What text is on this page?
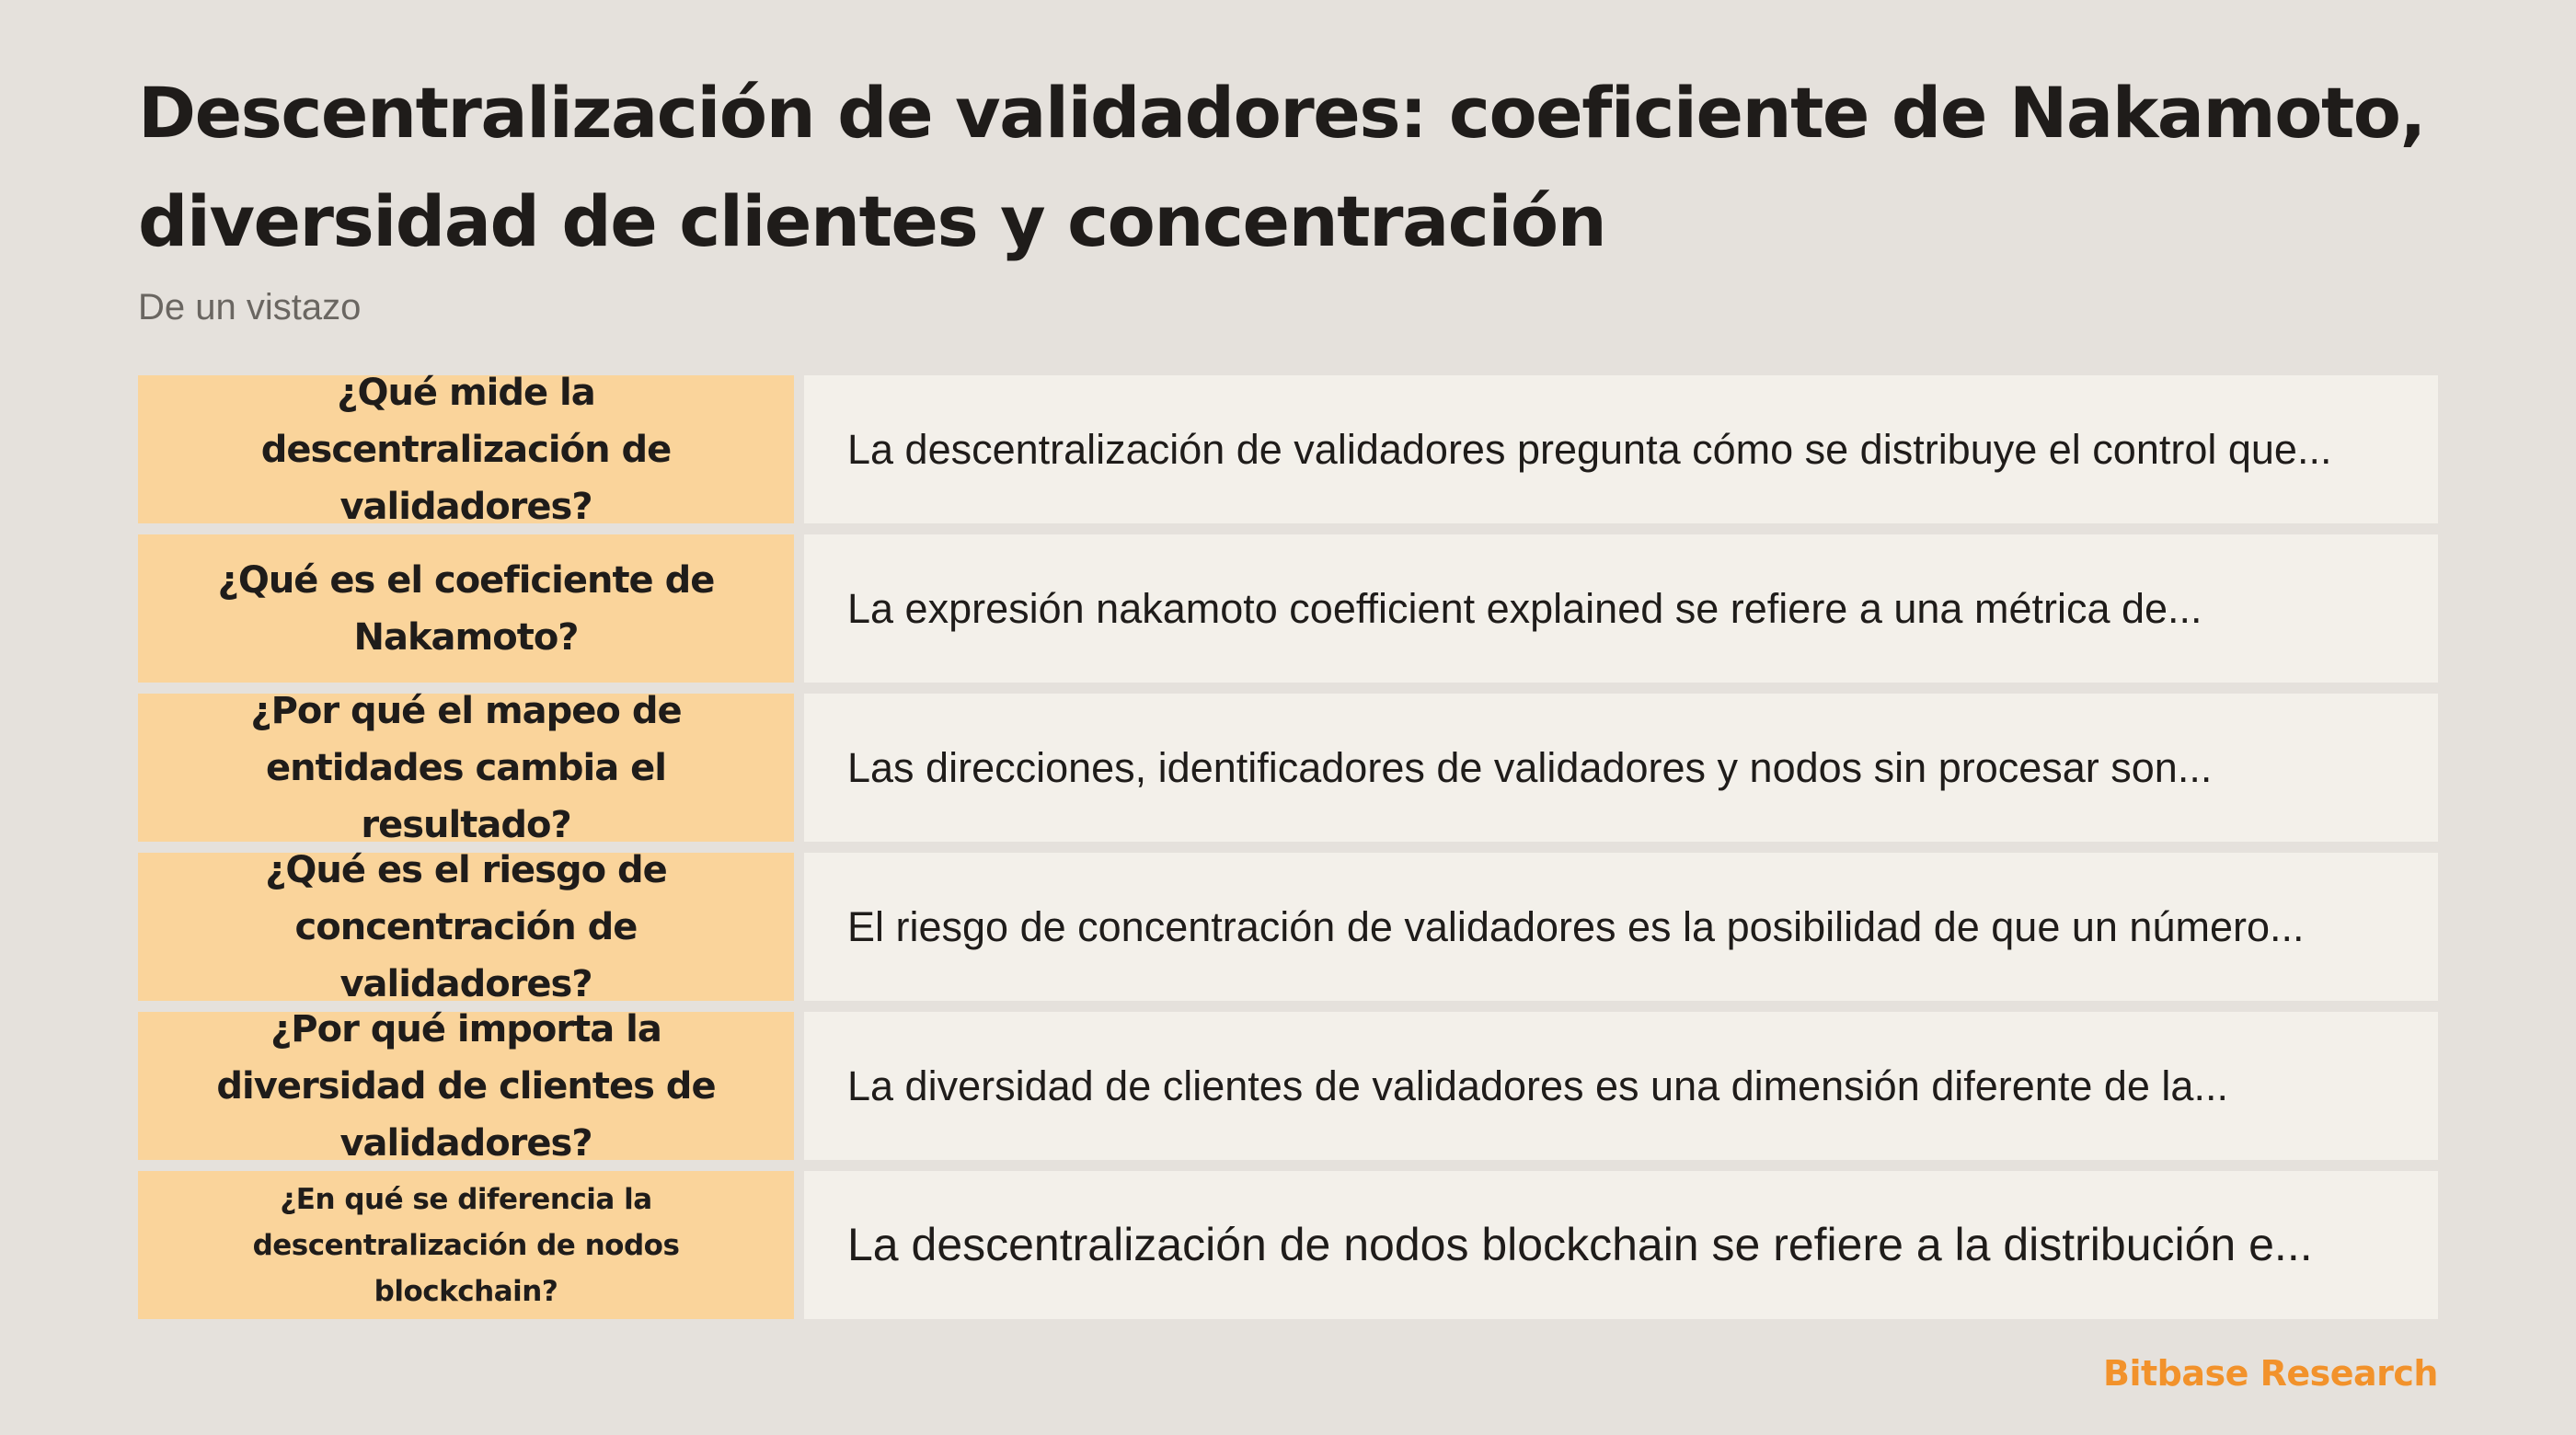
Descentralización de validadores: coeficiente de Nakamoto, diversidad de clientes y concentración
De un vistazo
¿Qué mide la descentralización de validadores?
La descentralización de validadores pregunta cómo se distribuye el control que...
¿Qué es el coeficiente de Nakamoto?
La expresión nakamoto coefficient explained se refiere a una métrica de...
¿Por qué el mapeo de entidades cambia el resultado?
Las direcciones, identificadores de validadores y nodos sin procesar son...
¿Qué es el riesgo de concentración de validadores?
El riesgo de concentración de validadores es la posibilidad de que un número...
¿Por qué importa la diversidad de clientes de validadores?
La diversidad de clientes de validadores es una dimensión diferente de la...
¿En qué se diferencia la descentralización de nodos blockchain?
La descentralización de nodos blockchain se refiere a la distribución e...
Bitbase Research
